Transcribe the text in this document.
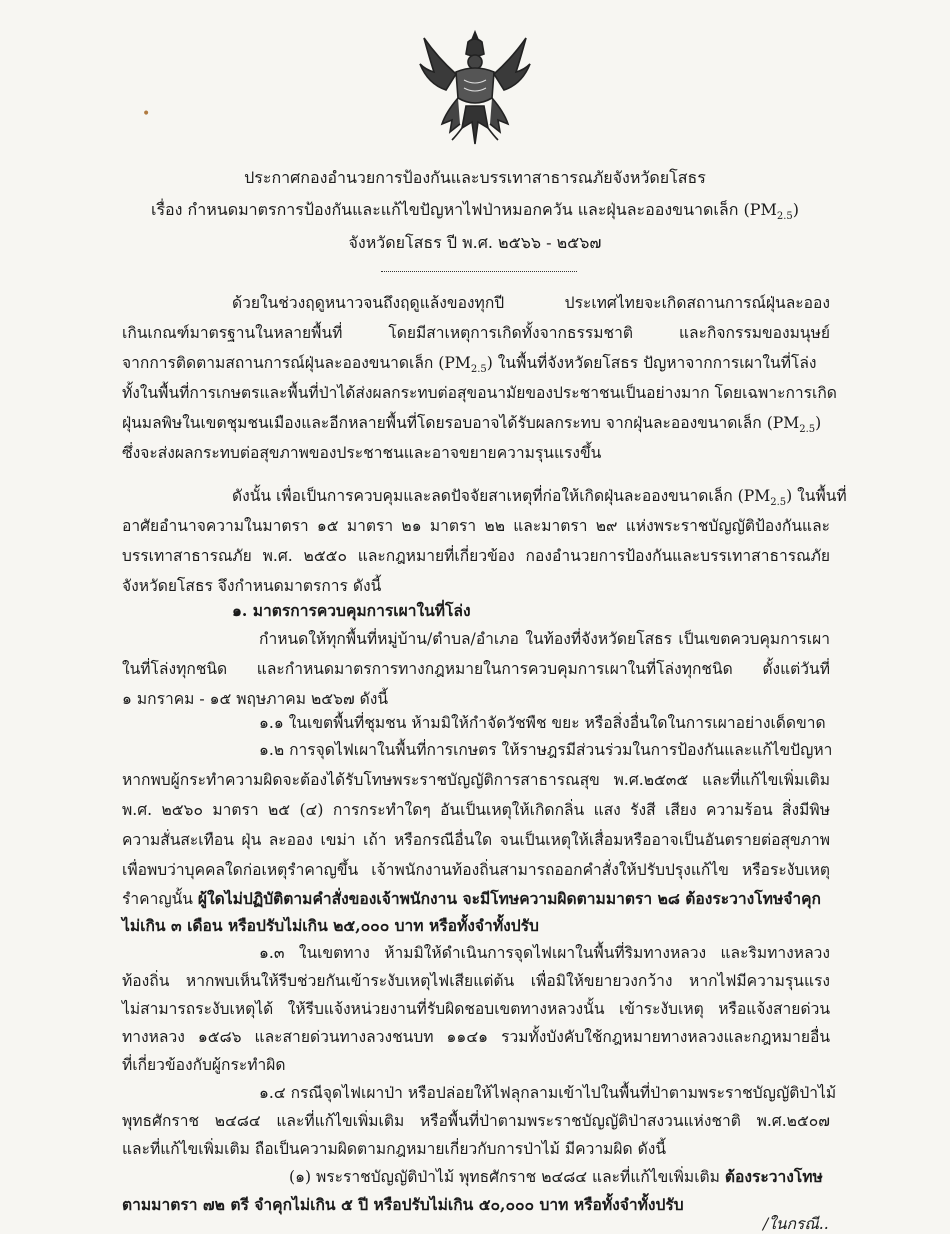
ประกาศกองอำนวยการป้องกันและบรรเทาสาธารณภัยจังหวัดยโสธร
เรื่อง กำหนดมาตรการป้องกันและแก้ไขปัญหาไฟป่าหมอกควัน และฝุ่นละอองขนาดเล็ก $(PM_{2.5})$
จังหวัดยโสธร ปี พ.ศ. ๒๕๖๖ - ๒๕๖๗
ด้วยในช่วงฤดูหนาวจนถึงฤดูแล้งของทุกปี ประเทศไทยจะเกิดสถานการณ์ฝุ่นละออง
เกินเกณฑ์มาตรฐานในหลายพื้นที่ โดยมีสาเหตุการเกิดทั้งจากธรรมชาติ และกิจกรรมของมนุษย์
จากการติดตามสถานการณ์ฝุ่นละอองขนาดเล็ก $(PM_{2.5})$ ในพื้นที่จังหวัดยโสธร ปัญหาจากการเผาในที่โล่ง
ทั้งในพื้นที่การเกษตรและพื้นที่ป่าได้ส่งผลกระทบต่อสุขอนามัยของประชาชนเป็นอย่างมาก โดยเฉพาะการเกิด
ฝุ่นมลพิษในเขตชุมชนเมืองและอีกหลายพื้นที่โดยรอบอาจได้รับผลกระทบ จากฝุ่นละอองขนาดเล็ก $(PM_{2.5})$
ซึ่งจะส่งผลกระทบต่อสุขภาพของประชาชนและอาจขยายความรุนแรงขึ้น
ดังนั้น เพื่อเป็นการควบคุมและลดปัจจัยสาเหตุที่ก่อให้เกิดฝุ่นละอองขนาดเล็ก $(PM_{2.5})$ ในพื้นที่
อาศัยอำนาจความในมาตรา ๑๕ มาตรา ๒๑ มาตรา ๒๒ และมาตรา ๒๙ แห่งพระราชบัญญัติป้องกันและ
บรรเทาสาธารณภัย พ.ศ. ๒๕๕๐ และกฎหมายที่เกี่ยวข้อง กองอำนวยการป้องกันและบรรเทาสาธารณภัย
จังหวัดยโสธร จึงกำหนดมาตรการ ดังนี้
๑. มาตรการควบคุมการเผาในที่โล่ง
กำหนดให้ทุกพื้นที่หมู่บ้าน/ตำบล/อำเภอ ในท้องที่จังหวัดยโสธร เป็นเขตควบคุมการเผา
ในที่โล่งทุกชนิด และกำหนดมาตรการทางกฎหมายในการควบคุมการเผาในที่โล่งทุกชนิด ตั้งแต่วันที่
๑ มกราคม - ๑๕ พฤษภาคม ๒๕๖๗ ดังนี้
๑.๑ ในเขตพื้นที่ชุมชน ห้ามมิให้กำจัดวัชพืช ขยะ หรือสิ่งอื่นใดในการเผาอย่างเด็ดขาด
๑.๒ การจุดไฟเผาในพื้นที่การเกษตร ให้ราษฎรมีส่วนร่วมในการป้องกันและแก้ไขปัญหา
หากพบผู้กระทำความผิดจะต้องได้รับโทษพระราชบัญญัติการสาธารณสุข พ.ศ.๒๕๓๕ และที่แก้ไขเพิ่มเติม
พ.ศ. ๒๕๖๐ มาตรา ๒๕ (๔) การกระทำใดๆ อันเป็นเหตุให้เกิดกลิ่น แสง รังสี เสียง ความร้อน สิ่งมีพิษ
ความสั่นสะเทือน ฝุ่น ละออง เขม่า เถ้า หรือกรณีอื่นใด จนเป็นเหตุให้เสื่อมหรืออาจเป็นอันตรายต่อสุขภาพ
เพื่อพบว่าบุคคลใดก่อเหตุรำคาญขึ้น เจ้าพนักงานท้องถิ่นสามารถออกคำสั่งให้ปรับปรุงแก้ไข หรือระงับเหตุ
รำคาญนั้น ผู้ใดไม่ปฏิบัติตามคำสั่งของเจ้าพนักงาน จะมีโทษความผิดตามมาตรา ๒๘ ต้องระวางโทษจำคุก
ไม่เกิน ๓ เดือน หรือปรับไม่เกิน ๒๕,๐๐๐ บาท หรือทั้งจำทั้งปรับ
๑.๓ ในเขตทาง ห้ามมิให้ดำเนินการจุดไฟเผาในพื้นที่ริมทางหลวง และริมทางหลวง
ท้องถิ่น หากพบเห็นให้รีบช่วยกันเข้าระงับเหตุไฟเสียแต่ต้น เพื่อมิให้ขยายวงกว้าง หากไฟมีความรุนแรง
ไม่สามารถระงับเหตุได้ ให้รีบแจ้งหน่วยงานที่รับผิดชอบเขตทางหลวงนั้น เข้าระงับเหตุ หรือแจ้งสายด่วน
ทางหลวง ๑๕๘๖ และสายด่วนทางลวงชนบท ๑๑๔๑ รวมทั้งบังคับใช้กฎหมายทางหลวงและกฎหมายอื่น
ที่เกี่ยวข้องกับผู้กระทำผิด
๑.๔ กรณีจุดไฟเผาป่า หรือปล่อยให้ไฟลุกลามเข้าไปในพื้นที่ป่าตามพระราชบัญญัติป่าไม้
พุทธศักราช ๒๔๘๔ และที่แก้ไขเพิ่มเติม หรือพื้นที่ป่าตามพระราชบัญญัติป่าสงวนแห่งชาติ พ.ศ.๒๕๐๗
และที่แก้ไขเพิ่มเติม ถือเป็นความผิดตามกฎหมายเกี่ยวกับการป่าไม้ มีความผิด ดังนี้
(๑) พระราชบัญญัติป่าไม้ พุทธศักราช ๒๔๘๔ และที่แก้ไขเพิ่มเติม ต้องระวางโทษ
ตามมาตรา ๗๒ ตรี จำคุกไม่เกิน ๕ ปี หรือปรับไม่เกิน ๕๐,๐๐๐ บาท หรือทั้งจำทั้งปรับ
/ในกรณี..
•
